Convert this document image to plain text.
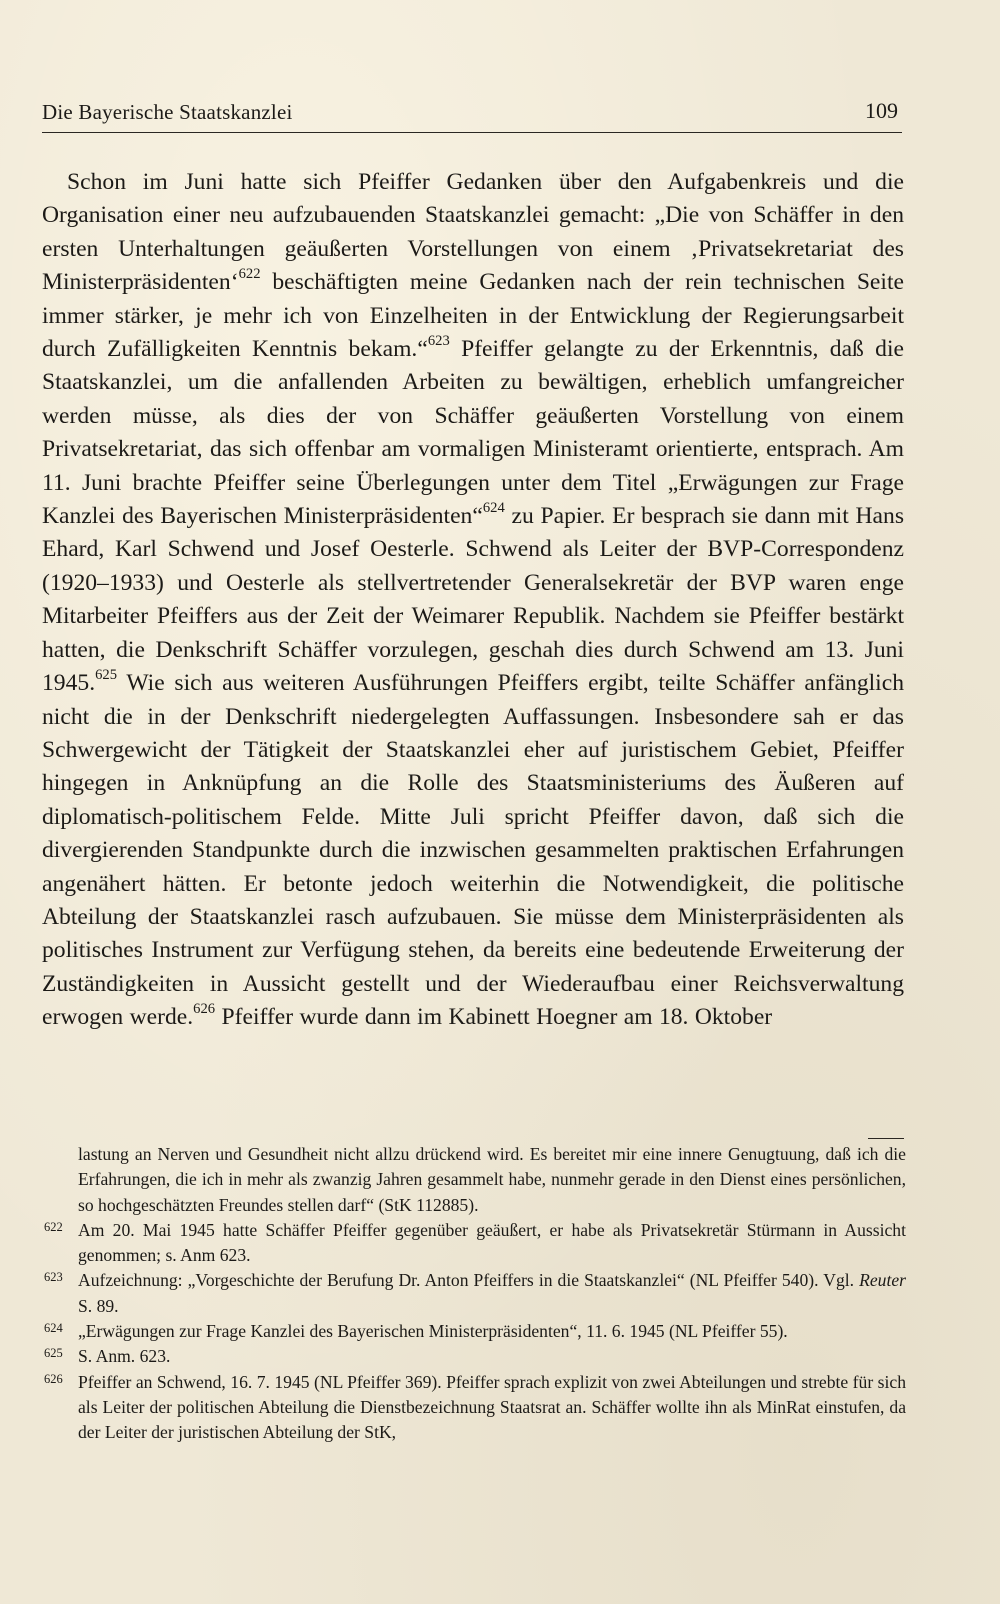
Die Bayerische Staatskanzlei	109

Schon im Juni hatte sich Pfeiffer Gedanken über den Aufgabenkreis und die Organisation einer neu aufzubauenden Staatskanzlei gemacht: „Die von Schäffer in den ersten Unterhaltungen geäußerten Vorstellungen von einem ‚Privatsekretariat des Ministerpräsidenten‘$^{622}$ beschäftigten meine Gedanken nach der rein technischen Seite immer stärker, je mehr ich von Einzelheiten in der Entwicklung der Regierungsarbeit durch Zufälligkeiten Kenntnis bekam.“$^{623}$ Pfeiffer gelangte zu der Erkenntnis, daß die Staatskanzlei, um die anfallenden Arbeiten zu bewältigen, erheblich umfangreicher werden müsse, als dies der von Schäffer geäußerten Vorstellung von einem Privatsekretariat, das sich offenbar am vormaligen Ministeramt orientierte, entsprach. Am 11. Juni brachte Pfeiffer seine Überlegungen unter dem Titel „Erwägungen zur Frage Kanzlei des Bayerischen Ministerpräsidenten“$^{624}$ zu Papier. Er besprach sie dann mit Hans Ehard, Karl Schwend und Josef Oesterle. Schwend als Leiter der BVP-Correspondenz (1920–1933) und Oesterle als stellvertretender Generalsekretär der BVP waren enge Mitarbeiter Pfeiffers aus der Zeit der Weimarer Republik. Nachdem sie Pfeiffer bestärkt hatten, die Denkschrift Schäffer vorzulegen, geschah dies durch Schwend am 13. Juni 1945.$^{625}$ Wie sich aus weiteren Ausführungen Pfeiffers ergibt, teilte Schäffer anfänglich nicht die in der Denkschrift niedergelegten Auffassungen. Insbesondere sah er das Schwergewicht der Tätigkeit der Staatskanzlei eher auf juristischem Gebiet, Pfeiffer hingegen in Anknüpfung an die Rolle des Staatsministeriums des Äußeren auf diplomatisch-politischem Felde. Mitte Juli spricht Pfeiffer davon, daß sich die divergierenden Standpunkte durch die inzwischen gesammelten praktischen Erfahrungen angenähert hätten. Er betonte jedoch weiterhin die Notwendigkeit, die politische Abteilung der Staatskanzlei rasch aufzubauen. Sie müsse dem Ministerpräsidenten als politisches Instrument zur Verfügung stehen, da bereits eine bedeutende Erweiterung der Zuständigkeiten in Aussicht gestellt und der Wiederaufbau einer Reichsverwaltung erwogen werde.$^{626}$ Pfeiffer wurde dann im Kabinett Hoegner am 18. Oktober

lastung an Nerven und Gesundheit nicht allzu drückend wird. Es bereitet mir eine innere Genugtuung, daß ich die Erfahrungen, die ich in mehr als zwanzig Jahren gesammelt habe, nunmehr gerade in den Dienst eines persönlichen, so hochgeschätzten Freundes stellen darf“ (StK 112885).

622 Am 20. Mai 1945 hatte Schäffer Pfeiffer gegenüber geäußert, er habe als Privatsekretär Stürmann in Aussicht genommen; s. Anm 623.

623 Aufzeichnung: „Vorgeschichte der Berufung Dr. Anton Pfeiffers in die Staatskanzlei“ (NL Pfeiffer 540). Vgl. Reuter S. 89.

624 „Erwägungen zur Frage Kanzlei des Bayerischen Ministerpräsidenten“, 11. 6. 1945 (NL Pfeiffer 55).

625 S. Anm. 623.

626 Pfeiffer an Schwend, 16. 7. 1945 (NL Pfeiffer 369). Pfeiffer sprach explizit von zwei Abteilungen und strebte für sich als Leiter der politischen Abteilung die Dienstbezeichnung Staatsrat an. Schäffer wollte ihn als MinRat einstufen, da der Leiter der juristischen Abteilung der StK,
